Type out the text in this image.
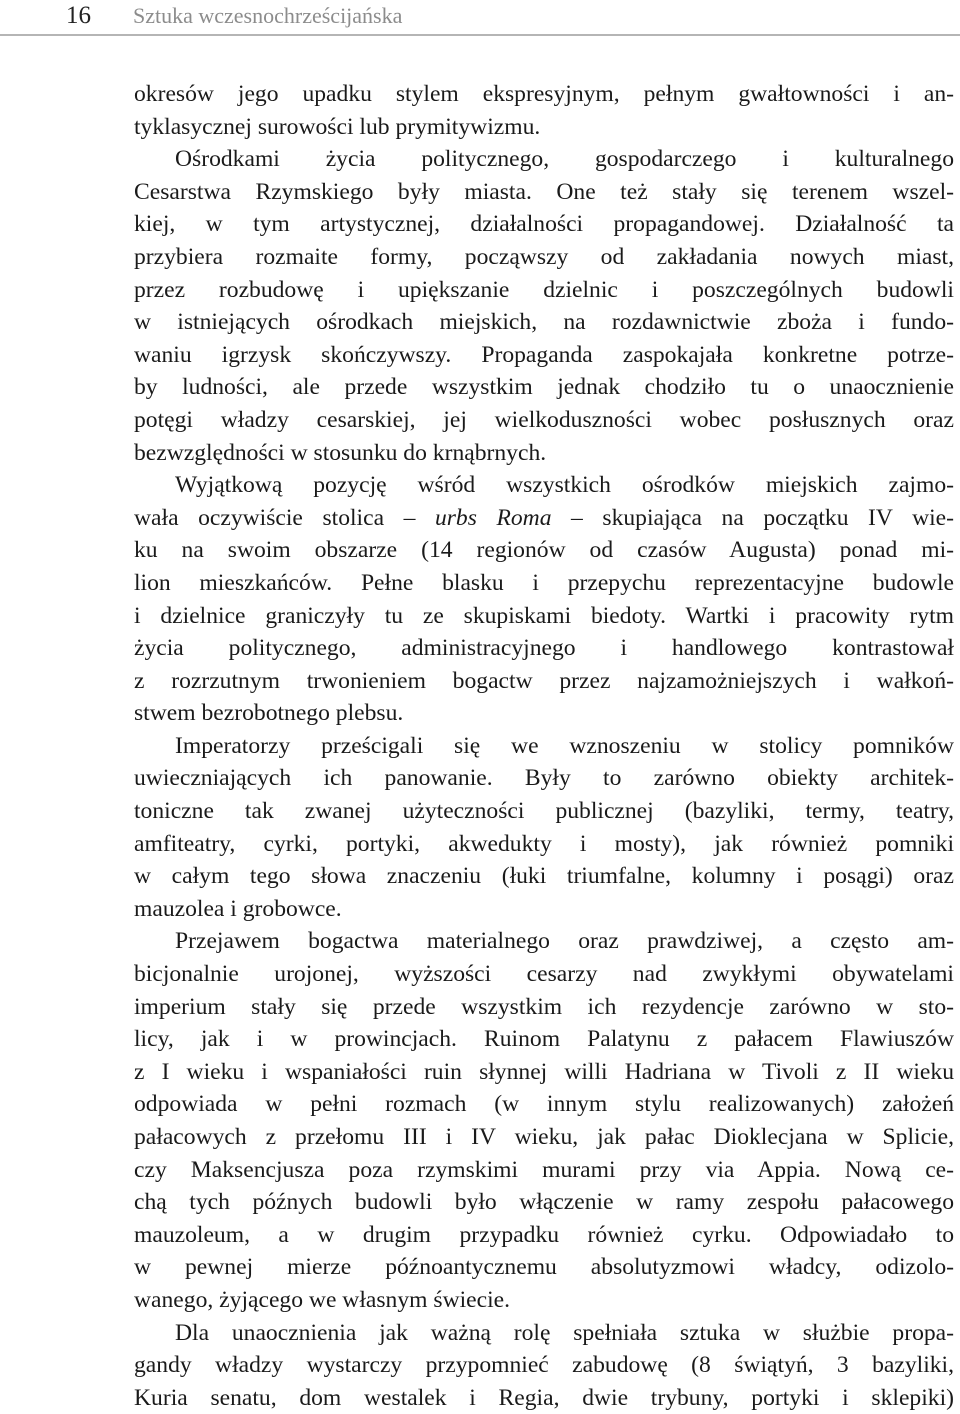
16 Sztuka wczesnochrześcijańska
okresów jego upadku stylem ekspresyjnym, pełnym gwałtowności i an-
tyklasycznej surowości lub prymitywizmu.
Ośrodkami życia politycznego, gospodarczego i kulturalnego
Cesarstwa Rzymskiego były miasta. One też stały się terenem wszel-
kiej, w tym artystycznej, działalności propagandowej. Działalność ta
przybiera rozmaite formy, począwszy od zakładania nowych miast,
przez rozbudowę i upiększanie dzielnic i poszczególnych budowli
w istniejących ośrodkach miejskich, na rozdawnictwie zboża i fundo-
waniu igrzysk skończywszy. Propaganda zaspokajała konkretne potrze-
by ludności, ale przede wszystkim jednak chodziło tu o unaocznienie
potęgi władzy cesarskiej, jej wielkoduszności wobec posłusznych oraz
bezwzględności w stosunku do krnąbrnych.
Wyjątkową pozycję wśród wszystkich ośrodków miejskich zajmo-
wała oczywiście stolica – urbs Roma – skupiająca na początku IV wie-
ku na swoim obszarze (14 regionów od czasów Augusta) ponad mi-
lion mieszkańców. Pełne blasku i przepychu reprezentacyjne budowle
i dzielnice graniczyły tu ze skupiskami biedoty. Wartki i pracowity rytm
życia politycznego, administracyjnego i handlowego kontrastował
z rozrzutnym trwonieniem bogactw przez najzamożniejszych i wałkoń-
stwem bezrobotnego plebsu.
Imperatorzy prześcigali się we wznoszeniu w stolicy pomników
uwieczniających ich panowanie. Były to zarówno obiekty architek-
toniczne tak zwanej użyteczności publicznej (bazyliki, termy, teatry,
amfiteatry, cyrki, portyki, akwedukty i mosty), jak również pomniki
w całym tego słowa znaczeniu (łuki triumfalne, kolumny i posągi) oraz
mauzolea i grobowce.
Przejawem bogactwa materialnego oraz prawdziwej, a często am-
bicjonalnie urojonej, wyższości cesarzy nad zwykłymi obywatelami
imperium stały się przede wszystkim ich rezydencje zarówno w sto-
licy, jak i w prowincjach. Ruinom Palatynu z pałacem Flawiuszów
z I wieku i wspaniałości ruin słynnej willi Hadriana w Tivoli z II wieku
odpowiada w pełni rozmach (w innym stylu realizowanych) założeń
pałacowych z przełomu III i IV wieku, jak pałac Dioklecjana w Splicie,
czy Maksencjusza poza rzymskimi murami przy via Appia. Nową ce-
chą tych późnych budowli było włączenie w ramy zespołu pałacowego
mauzoleum, a w drugim przypadku również cyrku. Odpowiadało to
w pewnej mierze późnoantycznemu absolutyzmowi władcy, odizolo-
wanego, żyjącego we własnym świecie.
Dla unaocznienia jak ważną rolę spełniała sztuka w służbie propa-
gandy władzy wystarczy przypomnieć zabudowę (8 świątyń, 3 bazyliki,
Kuria senatu, dom westalek i Regia, dwie trybuny, portyki i sklepiki)
